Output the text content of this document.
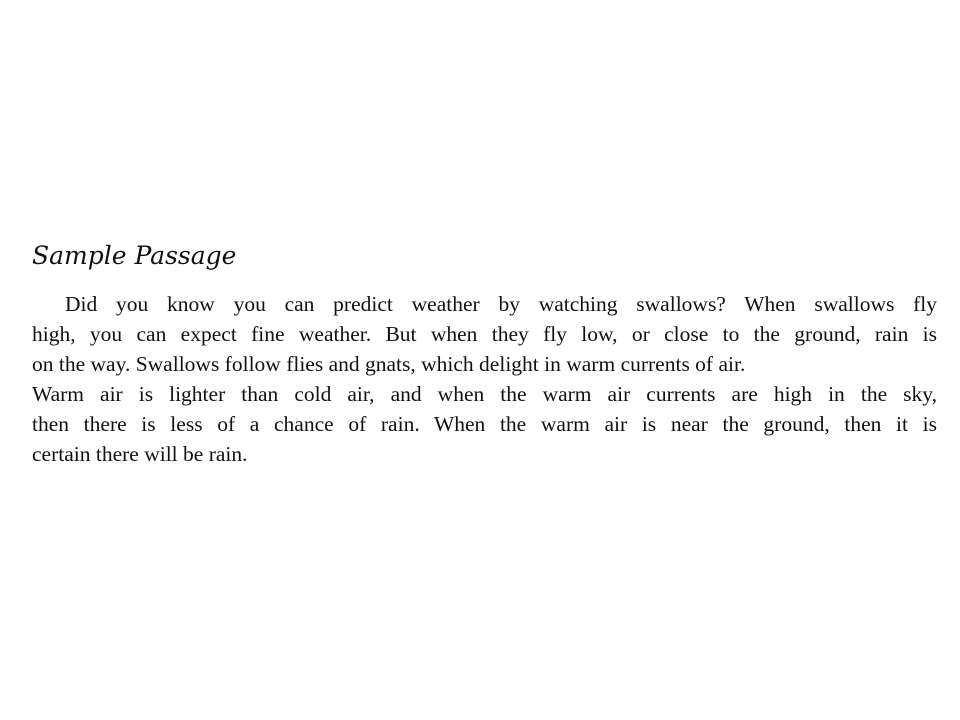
Sample Passage
Did you know you can predict weather by watching swallows? When swallows fly
high, you can expect fine weather. But when they fly low, or close to the ground, rain is
on the way. Swallows follow flies and gnats, which delight in warm currents of air.
Warm air is lighter than cold air, and when the warm air currents are high in the sky,
then there is less of a chance of rain. When the warm air is near the ground, then it is
certain there will be rain.
